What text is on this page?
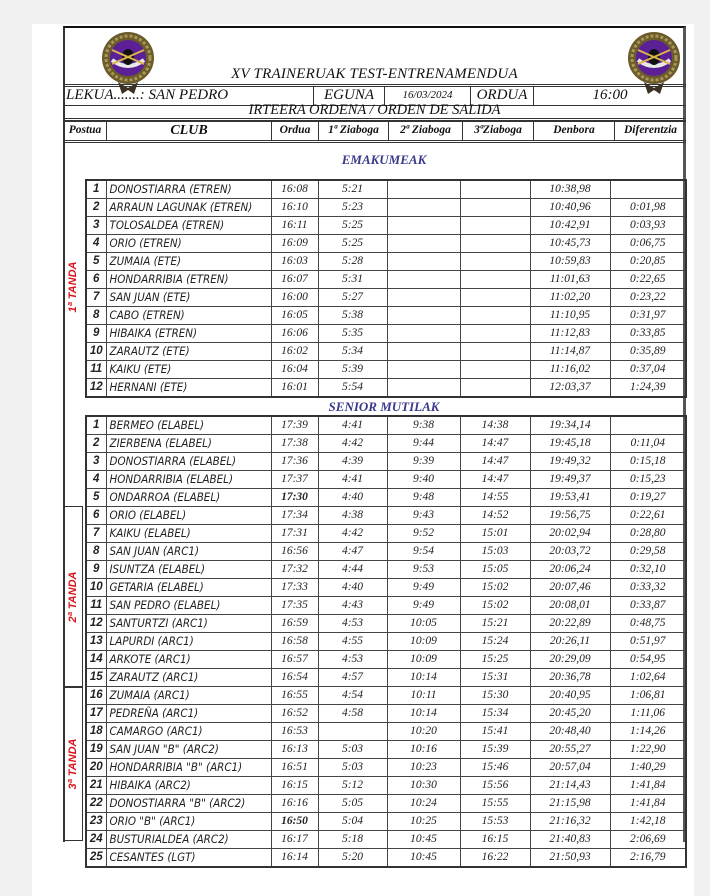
XV TRAINERUAK TEST-ENTRENAMENDUA
LEKUA.......: SAN PEDRO	EGUNA	16/03/2024	ORDUA	16:00
IRTEERA ORDENA / ORDEN DE SALIDA
Postua	CLUB	Ordua	1ª Ziaboga	2ª Ziaboga	3ªZiaboga	Denbora	Diferentzia
EMAKUMEAK
1	DONOSTIARRA (ETREN)	16:08	5:21			10:38,98	
2	ARRAUN LAGUNAK (ETREN)	16:10	5:23			10:40,96	0:01,98
3	TOLOSALDEA (ETREN)	16:11	5:25			10:42,91	0:03,93
4	ORIO (ETREN)	16:09	5:25			10:45,73	0:06,75
5	ZUMAIA (ETE)	16:03	5:28			10:59,83	0:20,85
6	HONDARRIBIA (ETREN)	16:07	5:31			11:01,63	0:22,65
7	SAN JUAN (ETE)	16:00	5:27			11:02,20	0:23,22
8	CABO (ETREN)	16:05	5:38			11:10,95	0:31,97
9	HIBAIKA (ETREN)	16:06	5:35			11:12,83	0:33,85
10	ZARAUTZ (ETE)	16:02	5:34			11:14,87	0:35,89
11	KAIKU (ETE)	16:04	5:39			11:16,02	0:37,04
12	HERNANI (ETE)	16:01	5:54			12:03,37	1:24,39
SENIOR MUTILAK
1	BERMEO (ELABEL)	17:39	4:41	9:38	14:38	19:34,14	
2	ZIERBENA (ELABEL)	17:38	4:42	9:44	14:47	19:45,18	0:11,04
3	DONOSTIARRA (ELABEL)	17:36	4:39	9:39	14:47	19:49,32	0:15,18
4	HONDARRIBIA (ELABEL)	17:37	4:41	9:40	14:47	19:49,37	0:15,23
5	ONDARROA (ELABEL)	17:30	4:40	9:48	14:55	19:53,41	0:19,27
6	ORIO (ELABEL)	17:34	4:38	9:43	14:52	19:56,75	0:22,61
7	KAIKU (ELABEL)	17:31	4:42	9:52	15:01	20:02,94	0:28,80
8	SAN JUAN (ARC1)	16:56	4:47	9:54	15:03	20:03,72	0:29,58
9	ISUNTZA (ELABEL)	17:32	4:44	9:53	15:05	20:06,24	0:32,10
10	GETARIA (ELABEL)	17:33	4:40	9:49	15:02	20:07,46	0:33,32
11	SAN PEDRO (ELABEL)	17:35	4:43	9:49	15:02	20:08,01	0:33,87
12	SANTURTZI (ARC1)	16:59	4:53	10:05	15:21	20:22,89	0:48,75
13	LAPURDI (ARC1)	16:58	4:55	10:09	15:24	20:26,11	0:51,97
14	ARKOTE (ARC1)	16:57	4:53	10:09	15:25	20:29,09	0:54,95
15	ZARAUTZ (ARC1)	16:54	4:57	10:14	15:31	20:36,78	1:02,64
16	ZUMAIA (ARC1)	16:55	4:54	10:11	15:30	20:40,95	1:06,81
17	PEDREÑA (ARC1)	16:52	4:58	10:14	15:34	20:45,20	1:11,06
18	CAMARGO (ARC1)	16:53		10:20	15:41	20:48,40	1:14,26
19	SAN JUAN "B" (ARC2)	16:13	5:03	10:16	15:39	20:55,27	1:22,90
20	HONDARRIBIA "B" (ARC1)	16:51	5:03	10:23	15:46	20:57,04	1:40,29
21	HIBAIKA (ARC2)	16:15	5:12	10:30	15:56	21:14,43	1:41,84
22	DONOSTIARRA "B" (ARC2)	16:16	5:05	10:24	15:55	21:15,98	1:41,84
23	ORIO "B" (ARC1)	16:50	5:04	10:25	15:53	21:16,32	1:42,18
24	BUSTURIALDEA (ARC2)	16:17	5:18	10:45	16:15	21:40,83	2:06,69
25	CESANTES (LGT)	16:14	5:20	10:45	16:22	21:50,93	2:16,79
1ª TANDA
2ª TANDA
3ª TANDA
